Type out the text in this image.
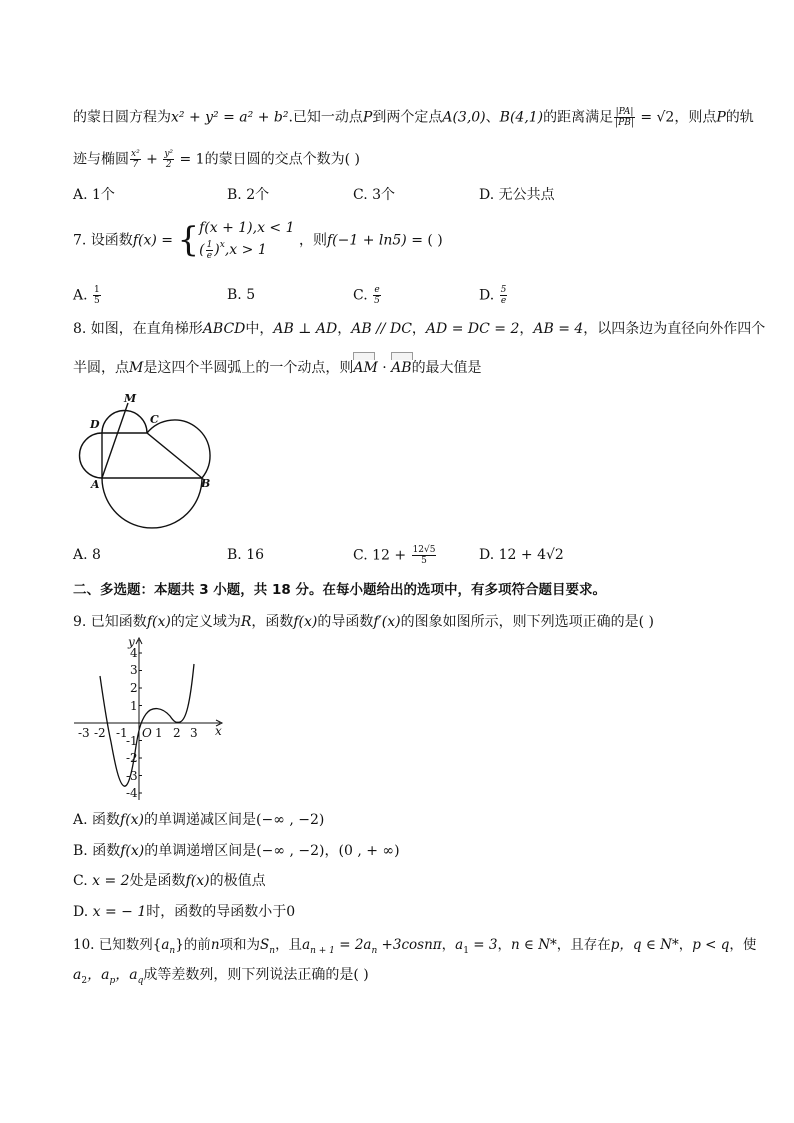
的蒙日圆方程为x² + y² = a² + b².已知一动点P到两个定点A(3,0)、B(4,1)的距离满足 $\frac{|PA|}{|PB|} = √2$，则点P的轨
迹与椭圆 $\frac{\text{x²}}{7} + \frac{\text{y²}}{2} = 1$的蒙日圆的交点个数为( )
A. 1个	B. 2个	C. 3个	D. 无公共点
7. 设函数f(x) = { f(x + 1),x < 1
( $\frac{1}{e} )^x,x > 1$
，则f(−1 + ln5) = ( )
A. $\frac{1}{5}$	B. 5	C. $\frac{e}{5}$	D. $\frac{5}{e}$
8. 如图，在直角梯形ABCD中，AB ⊥ AD，AB // DC，AD = DC = 2，AB = 4，以四条边为直径向外作四个
半圆，点M是这四个半圆弧上的一个动点，则
AM ·
AB的最大值是
D
M
C
A	B
A. 8	B. 16	C. $12 + \frac{12√5}{5}$	D. 12 + 4√2
二、多选题：本题共 3 小题，共 18 分。在每小题给出的选项中，有多项符合题目要求。
9. 已知函数f(x)的定义域为R，函数f(x)的导函数f′(x)的图象如图所示，则下列选项正确的是( )
y
x
4
3
2
1
-1
-2
-3
-4
-3 -2 -1 O 1 2 3
A. 函数f(x)的单调递减区间是(−∞ , −2)
B. 函数f(x)的单调递增区间是(−∞ , −2)，(0 , + ∞)
C. x = 2处是函数f(x)的极值点
D. x = − 1时，函数的导函数小于0
10. 已知数列$\{a_n\}$的前n项和为$S_n$，且$a_{n + 1} = 2a_n +3\cos n\pi$，$a_1 = 3$，n ∈ N*，且存在p，q ∈ N*，p < q，使
$a_2$，$a_p$，$a_q$成等差数列，则下列说法正确的是( )
